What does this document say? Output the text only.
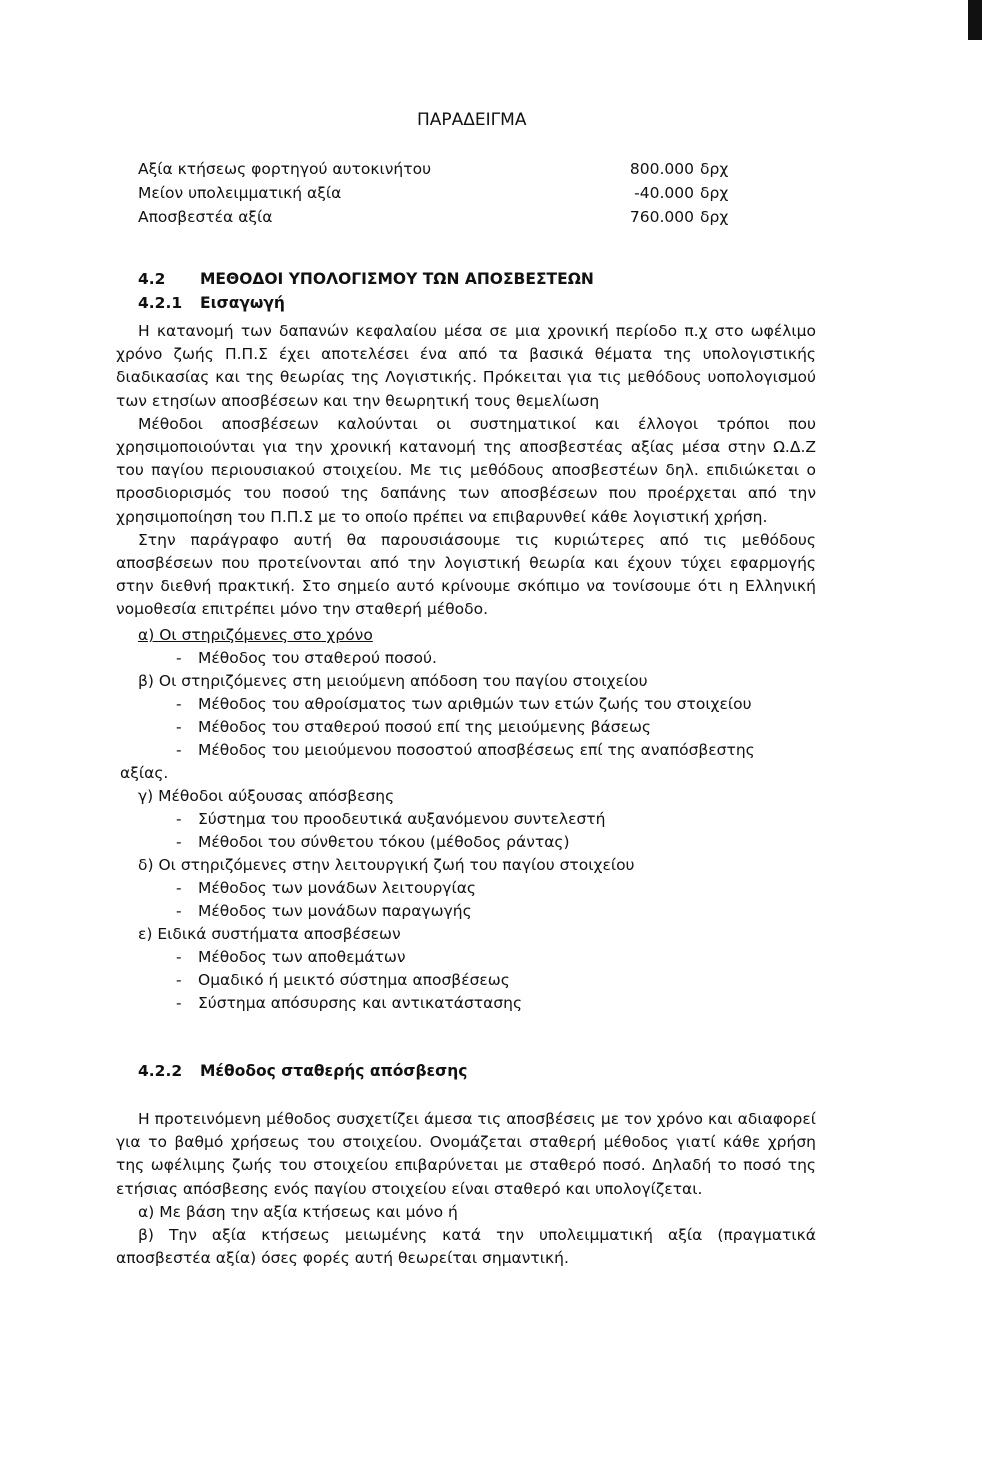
ΠΑΡΑΔΕΙΓΜΑ
Αξία κτήσεως φορτηγού αυτοκινήτου	800.000 δρχ
Μείον υπολειμματική αξία	-40.000 δρχ
Αποσβεστέα αξία	760.000 δρχ
4.2 ΜΕΘΟΔΟΙ ΥΠΟΛΟΓΙΣΜΟΥ ΤΩΝ ΑΠΟΣΒΕΣΤΕΩΝ
4.2.1 Εισαγωγή

Η κατανομή των δαπανών κεφαλαίου μέσα σε μια χρονική περίοδο π.χ στο ωφέλιμο χρόνο ζωής Π.Π.Σ έχει αποτελέσει ένα από τα βασικά θέματα της υπολογιστικής διαδικασίας και της θεωρίας της Λογιστικής. Πρόκειται για τις μεθόδους υοπολογισμού των ετησίων αποσβέσεων και την θεωρητική τους θεμελίωση

Μέθοδοι αποσβέσεων καλούνται οι συστηματικοί και έλλογοι τρόποι που χρησιμοποιούνται για την χρονική κατανομή της αποσβεστέας αξίας μέσα στην Ω.Δ.Ζ του παγίου περιουσιακού στοιχείου. Με τις μεθόδους αποσβεστέων δηλ. επιδιώκεται ο προσδιορισμός του ποσού της δαπάνης των αποσβέσεων που προέρχεται από την χρησιμοποίηση του Π.Π.Σ με το οποίο πρέπει να επιβαρυνθεί κάθε λογιστική χρήση.

Στην παράγραφο αυτή θα παρουσιάσουμε τις κυριώτερες από τις μεθόδους αποσβέσεων που προτείνονται από την λογιστική θεωρία και έχουν τύχει εφαρμογής στην διεθνή πρακτική. Στο σημείο αυτό κρίνουμε σκόπιμο να τονίσουμε ότι η Ελληνική νομοθεσία επιτρέπει μόνο την σταθερή μέθοδο.

α) Οι στηριζόμενες στο χρόνο
- Μέθοδος του σταθερού ποσού.
β) Οι στηριζόμενες στη μειούμενη απόδοση του παγίου στοιχείου
- Μέθοδος του αθροίσματος των αριθμών των ετών ζωής του στοιχείου
- Μέθοδος του σταθερού ποσού επί της μειούμενης βάσεως
- Μέθοδος του μειούμενου ποσοστού αποσβέσεως επί της αναπόσβεστης
αξίας.
γ) Μέθοδοι αύξουσας απόσβεσης
- Σύστημα του προοδευτικά αυξανόμενου συντελεστή
- Μέθοδοι του σύνθετου τόκου (μέθοδος ράντας)
δ) Οι στηριζόμενες στην λειτουργική ζωή του παγίου στοιχείου
- Μέθοδος των μονάδων λειτουργίας
- Μέθοδος των μονάδων παραγωγής
ε) Ειδικά συστήματα αποσβέσεων
- Μέθοδος των αποθεμάτων
- Ομαδικό ή μεικτό σύστημα αποσβέσεως
- Σύστημα απόσυρσης και αντικατάστασης
4.2.2 Μέθοδος σταθερής απόσβεσης

Η προτεινόμενη μέθοδος συσχετίζει άμεσα τις αποσβέσεις με τον χρόνο και αδιαφορεί για το βαθμό χρήσεως του στοιχείου. Ονομάζεται σταθερή μέθοδος γιατί κάθε χρήση της ωφέλιμης ζωής του στοιχείου επιβαρύνεται με σταθερό ποσό. Δηλαδή το ποσό της ετήσιας απόσβεσης ενός παγίου στοιχείου είναι σταθερό και υπολογίζεται.

α) Με βάση την αξία κτήσεως και μόνο ή

β) Την αξία κτήσεως μειωμένης κατά την υπολειμματική αξία (πραγματικά αποσβεστέα αξία) όσες φορές αυτή θεωρείται σημαντική.
